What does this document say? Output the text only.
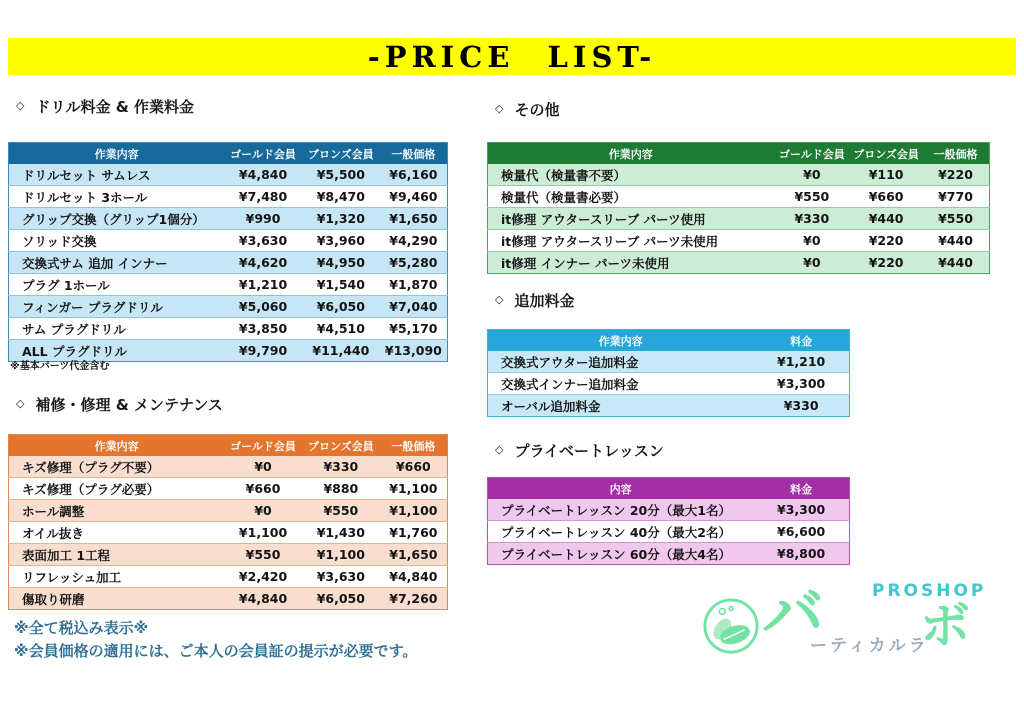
-PRICE LIST-
◇ ドリル料金 & 作業料金
作業内容	ゴールド会員	ブロンズ会員	一般価格
ドリルセット サムレス	¥4,840	¥5,500	¥6,160
ドリルセット 3ホール	¥7,480	¥8,470	¥9,460
グリップ交換（グリップ1個分）	¥990	¥1,320	¥1,650
ソリッド交換	¥3,630	¥3,960	¥4,290
交換式サム 追加 インナー	¥4,620	¥4,950	¥5,280
プラグ 1ホール	¥1,210	¥1,540	¥1,870
フィンガー プラグドリル	¥5,060	¥6,050	¥7,040
サム プラグドリル	¥3,850	¥4,510	¥5,170
ALL プラグドリル	¥9,790	¥11,440	¥13,090
※基本パーツ代金含む
◇ 補修・修理 & メンテナンス
作業内容	ゴールド会員	ブロンズ会員	一般価格
キズ修理（プラグ不要）	¥0	¥330	¥660
キズ修理（プラグ必要）	¥660	¥880	¥1,100
ホール調整	¥0	¥550	¥1,100
オイル抜き	¥1,100	¥1,430	¥1,760
表面加工 1工程	¥550	¥1,100	¥1,650
リフレッシュ加工	¥2,420	¥3,630	¥4,840
傷取り研磨	¥4,840	¥6,050	¥7,260
◇ その他
作業内容	ゴールド会員	ブロンズ会員	一般価格
検量代（検量書不要）	¥0	¥110	¥220
検量代（検量書必要）	¥550	¥660	¥770
it修理 アウタースリーブ パーツ使用	¥330	¥440	¥550
it修理 アウタースリーブ パーツ未使用	¥0	¥220	¥440
it修理 インナー パーツ未使用	¥0	¥220	¥440
◇ 追加料金
作業内容	料金
交換式アウター追加料金	¥1,210
交換式インナー追加料金	¥3,300
オーバル追加料金	¥330
◇ プライベートレッスン
内容	料金
プライベートレッスン 20分（最大1名）	¥3,300
プライベートレッスン 40分（最大2名）	¥6,600
プライベートレッスン 60分（最大4名）	¥8,800
※全て税込み表示※
※会員価格の適用には、ご本人の会員証の提示が必要です。
PROSHOP
バ
ーティカルラ
ボ
